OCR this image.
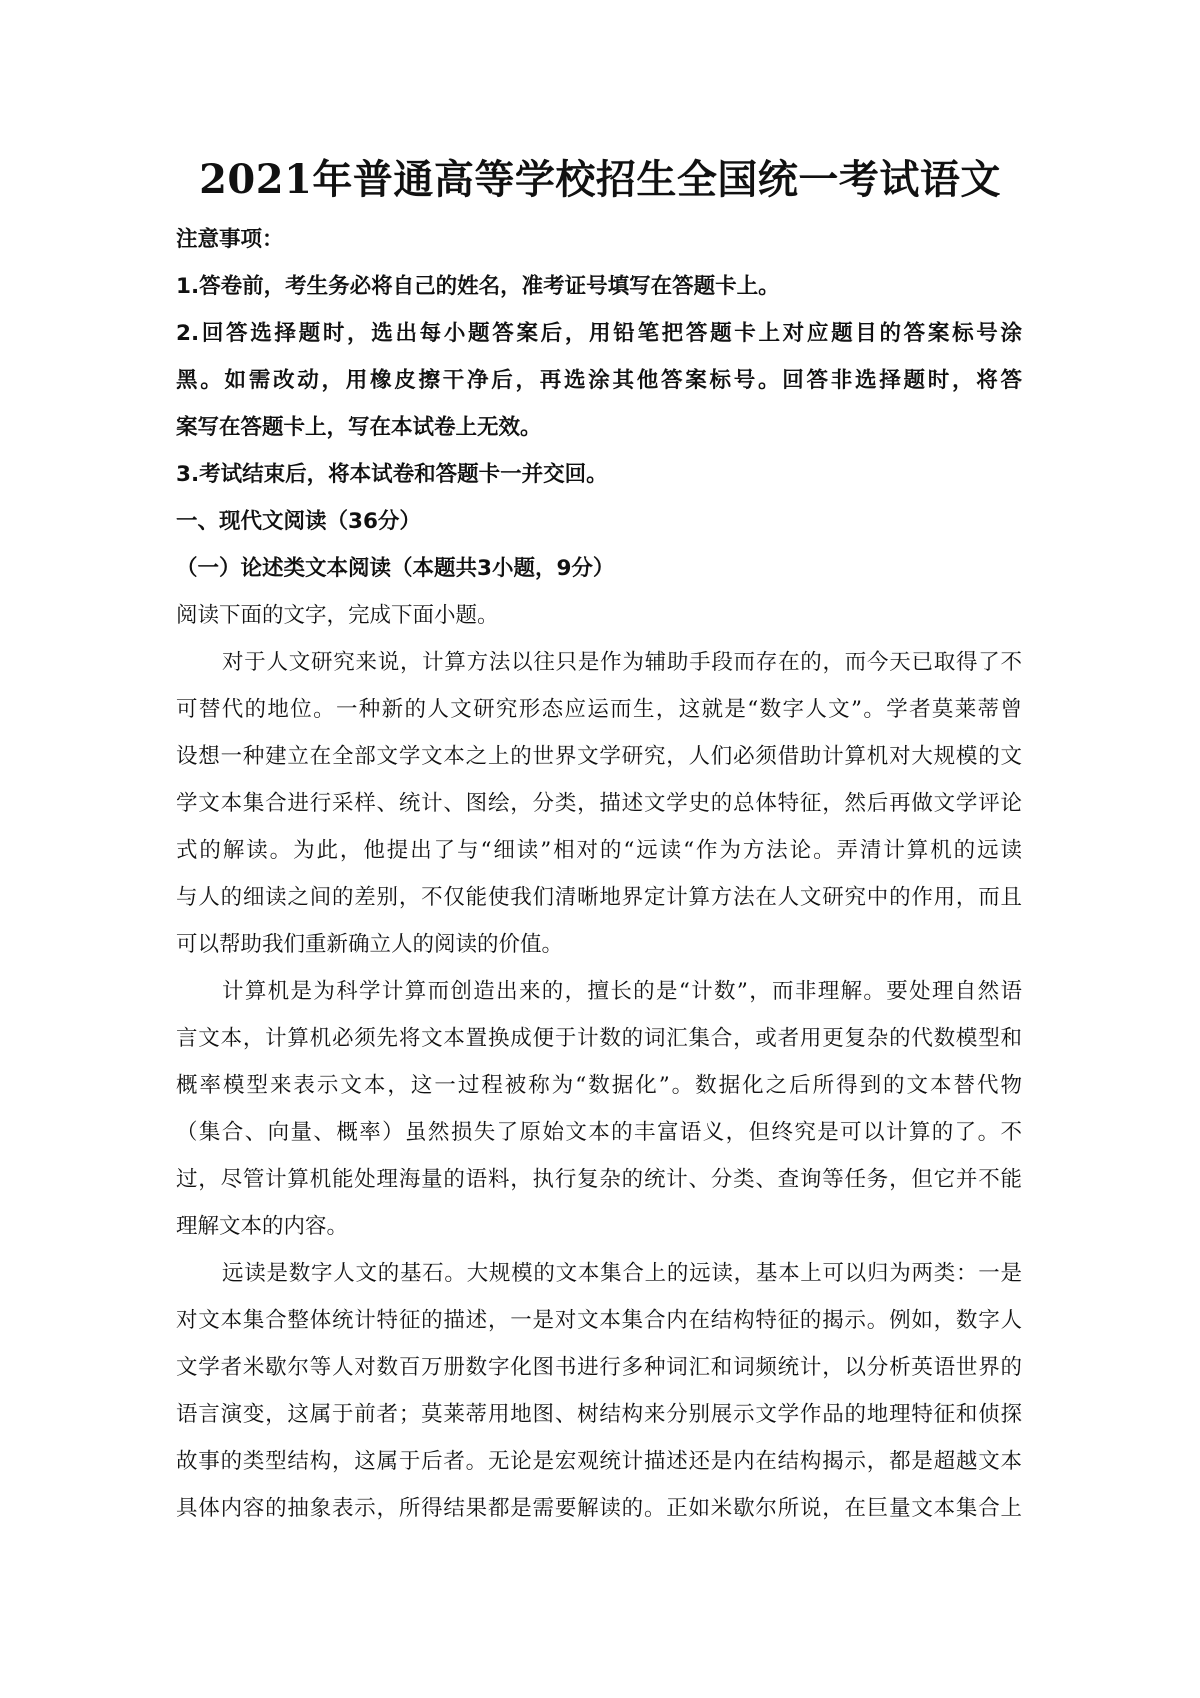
2021年普通高等学校招生全国统一考试语文
注意事项：
1.答卷前，考生务必将自己的姓名，准考证号填写在答题卡上。
2.回答选择题时，选出每小题答案后，用铅笔把答题卡上对应题目的答案标号涂
黑。如需改动，用橡皮擦干净后，再选涂其他答案标号。回答非选择题时，将答
案写在答题卡上，写在本试卷上无效。
3.考试结束后，将本试卷和答题卡一并交回。
一、现代文阅读（36分）
（一）论述类文本阅读（本题共3小题，9分）
阅读下面的文字，完成下面小题。
对于人文研究来说，计算方法以往只是作为辅助手段而存在的，而今天已取得了不
可替代的地位。一种新的人文研究形态应运而生，这就是“数字人文”。学者莫莱蒂曾
设想一种建立在全部文学文本之上的世界文学研究，人们必须借助计算机对大规模的文
学文本集合进行采样、统计、图绘，分类，描述文学史的总体特征，然后再做文学评论
式的解读。为此，他提出了与“细读”相对的“远读“作为方法论。弄清计算机的远读
与人的细读之间的差别，不仅能使我们清晰地界定计算方法在人文研究中的作用，而且
可以帮助我们重新确立人的阅读的价值。
计算机是为科学计算而创造出来的，擅长的是“计数”，而非理解。要处理自然语
言文本，计算机必须先将文本置换成便于计数的词汇集合，或者用更复杂的代数模型和
概率模型来表示文本，这一过程被称为“数据化”。数据化之后所得到的文本替代物
（集合、向量、概率）虽然损失了原始文本的丰富语义，但终究是可以计算的了。不
过，尽管计算机能处理海量的语料，执行复杂的统计、分类、查询等任务，但它并不能
理解文本的内容。
远读是数字人文的基石。大规模的文本集合上的远读，基本上可以归为两类：一是
对文本集合整体统计特征的描述，一是对文本集合内在结构特征的揭示。例如，数字人
文学者米歇尔等人对数百万册数字化图书进行多种词汇和词频统计，以分析英语世界的
语言演变，这属于前者；莫莱蒂用地图、树结构来分别展示文学作品的地理特征和侦探
故事的类型结构，这属于后者。无论是宏观统计描述还是内在结构揭示，都是超越文本
具体内容的抽象表示，所得结果都是需要解读的。正如米歇尔所说，在巨量文本集合上
